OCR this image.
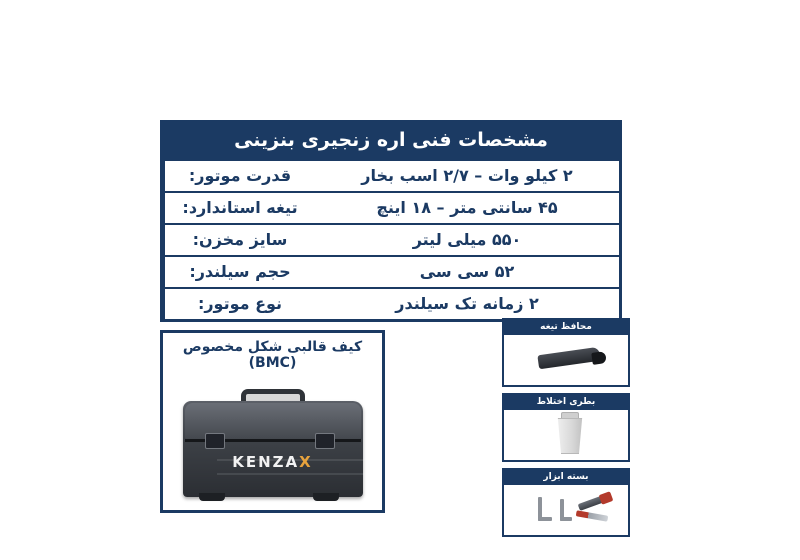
مشخصات فنی اره زنجیری بنزینی
قدرت موتور:	۲ کیلو وات – ۲/۷ اسب بخار
تیغه استاندارد:	۴۵ سانتی متر – ۱۸ اینچ
سایز مخزن:	۵۵۰ میلی لیتر
حجم سیلندر:	۵۲ سی سی
نوع موتور:	۲ زمانه تک سیلندر
کیف قالبی شکل مخصوص (BMC)
KENZAX
محافظ تیغه
بطری اختلاط
بسته ابزار
